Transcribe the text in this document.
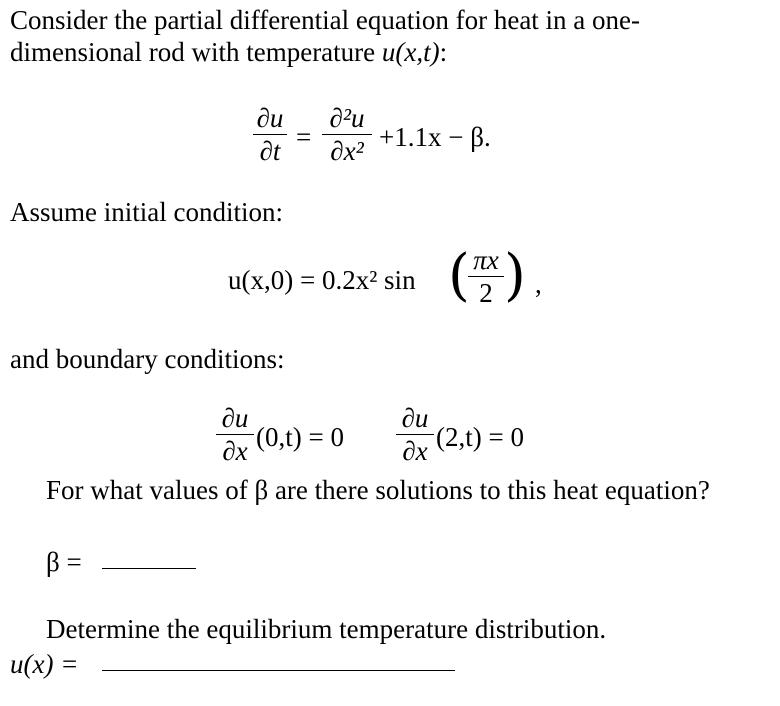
Consider the partial differential equation for heat in a one-
dimensional rod with temperature u(x,t):
∂u
∂t =
∂²u
∂x² +1.1x − β.
Assume initial condition:
u(x,0) = 0.2x² sin ( πx
2 ) ,
and boundary conditions:
∂u
∂x (0,t) = 0
∂u
∂x (2,t) = 0
For what values of β are there solutions to this heat equation?
β =
Determine the equilibrium temperature distribution.
u(x) =
